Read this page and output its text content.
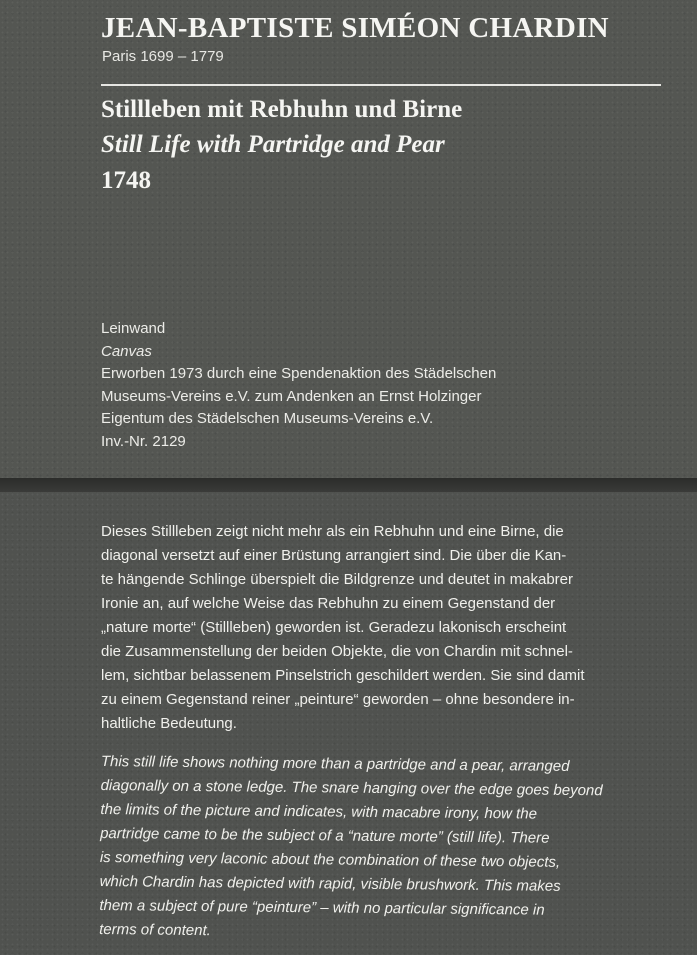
JEAN-BAPTISTE SIMÉON CHARDIN
Paris 1699 – 1779
Stillleben mit Rebhuhn und Birne
Still Life with Partridge and Pear
1748
Leinwand
Canvas
Erworben 1973 durch eine Spendenaktion des Städelschen
Museums-Vereins e.V. zum Andenken an Ernst Holzinger
Eigentum des Städelschen Museums-Vereins e.V.
Inv.-Nr. 2129
Dieses Stillleben zeigt nicht mehr als ein Rebhuhn und eine Birne, die
diagonal versetzt auf einer Brüstung arrangiert sind. Die über die Kan-
te hängende Schlinge überspielt die Bildgrenze und deutet in makabrer
Ironie an, auf welche Weise das Rebhuhn zu einem Gegenstand der
„nature morte“ (Stillleben) geworden ist. Geradezu lakonisch erscheint
die Zusammenstellung der beiden Objekte, die von Chardin mit schnel-
lem, sichtbar belassenem Pinselstrich geschildert werden. Sie sind damit
zu einem Gegenstand reiner „peinture“ geworden – ohne besondere in-
haltliche Bedeutung.
This still life shows nothing more than a partridge and a pear, arranged
diagonally on a stone ledge. The snare hanging over the edge goes beyond
the limits of the picture and indicates, with macabre irony, how the
partridge came to be the subject of a “nature morte” (still life). There
is something very laconic about the combination of these two objects,
which Chardin has depicted with rapid, visible brushwork. This makes
them a subject of pure “peinture” – with no particular significance in
terms of content.
